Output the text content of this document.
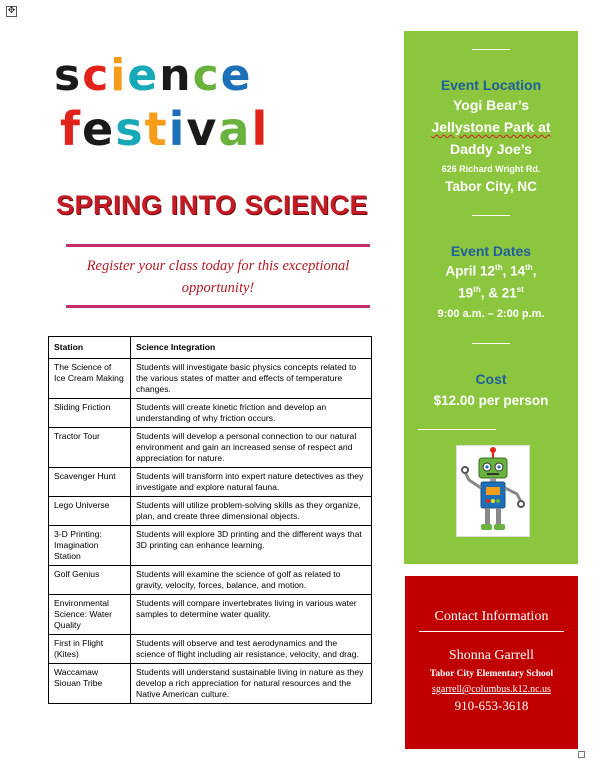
✥
science
festival
SPRING INTO SCIENCE
Register your class today for this exceptional opportunity!
Station	Science Integration
The Science of Ice Cream Making	Students will investigate basic physics concepts related to the various states of matter and effects of temperature changes.
Sliding Friction	Students will create kinetic friction and develop an understanding of why friction occurs.
Tractor Tour	Students will develop a personal connection to our natural environment and gain an increased sense of respect and appreciation for nature.
Scavenger Hunt	Students will transform into expert nature detectives as they investigate and explore natural fauna.
Lego Universe	Students will utilize problem-solving skills as they organize, plan, and create three dimensional objects.
3-D Printing: Imagination Station	Students will explore 3D printing and the different ways that 3D printing can enhance learning.
Golf Genius	Students will examine the science of golf as related to gravity, velocity, forces, balance, and motion.
Environmental Science: Water Quality	Students will compare invertebrates living in various water samples to determine water quality.
First in Flight (Kites)	Students will observe and test aerodynamics and the science of flight including air resistance, velocity, and drag.
Waccamaw Siouan Tribe	Students will understand sustainable living in nature as they develop a rich appreciation for natural resources and the Native American culture.
Event Location
Yogi Bear’s
Jellystone Park at
Daddy Joe’s
626 Richard Wright Rd.
Tabor City, NC
Event Dates
April 12th, 14th,
19th, & 21st
9:00 a.m. – 2:00 p.m.
Cost
$12.00 per person
Contact Information
Shonna Garrell
Tabor City Elementary School
sgarrell@columbus.k12.nc.us
910-653-3618
